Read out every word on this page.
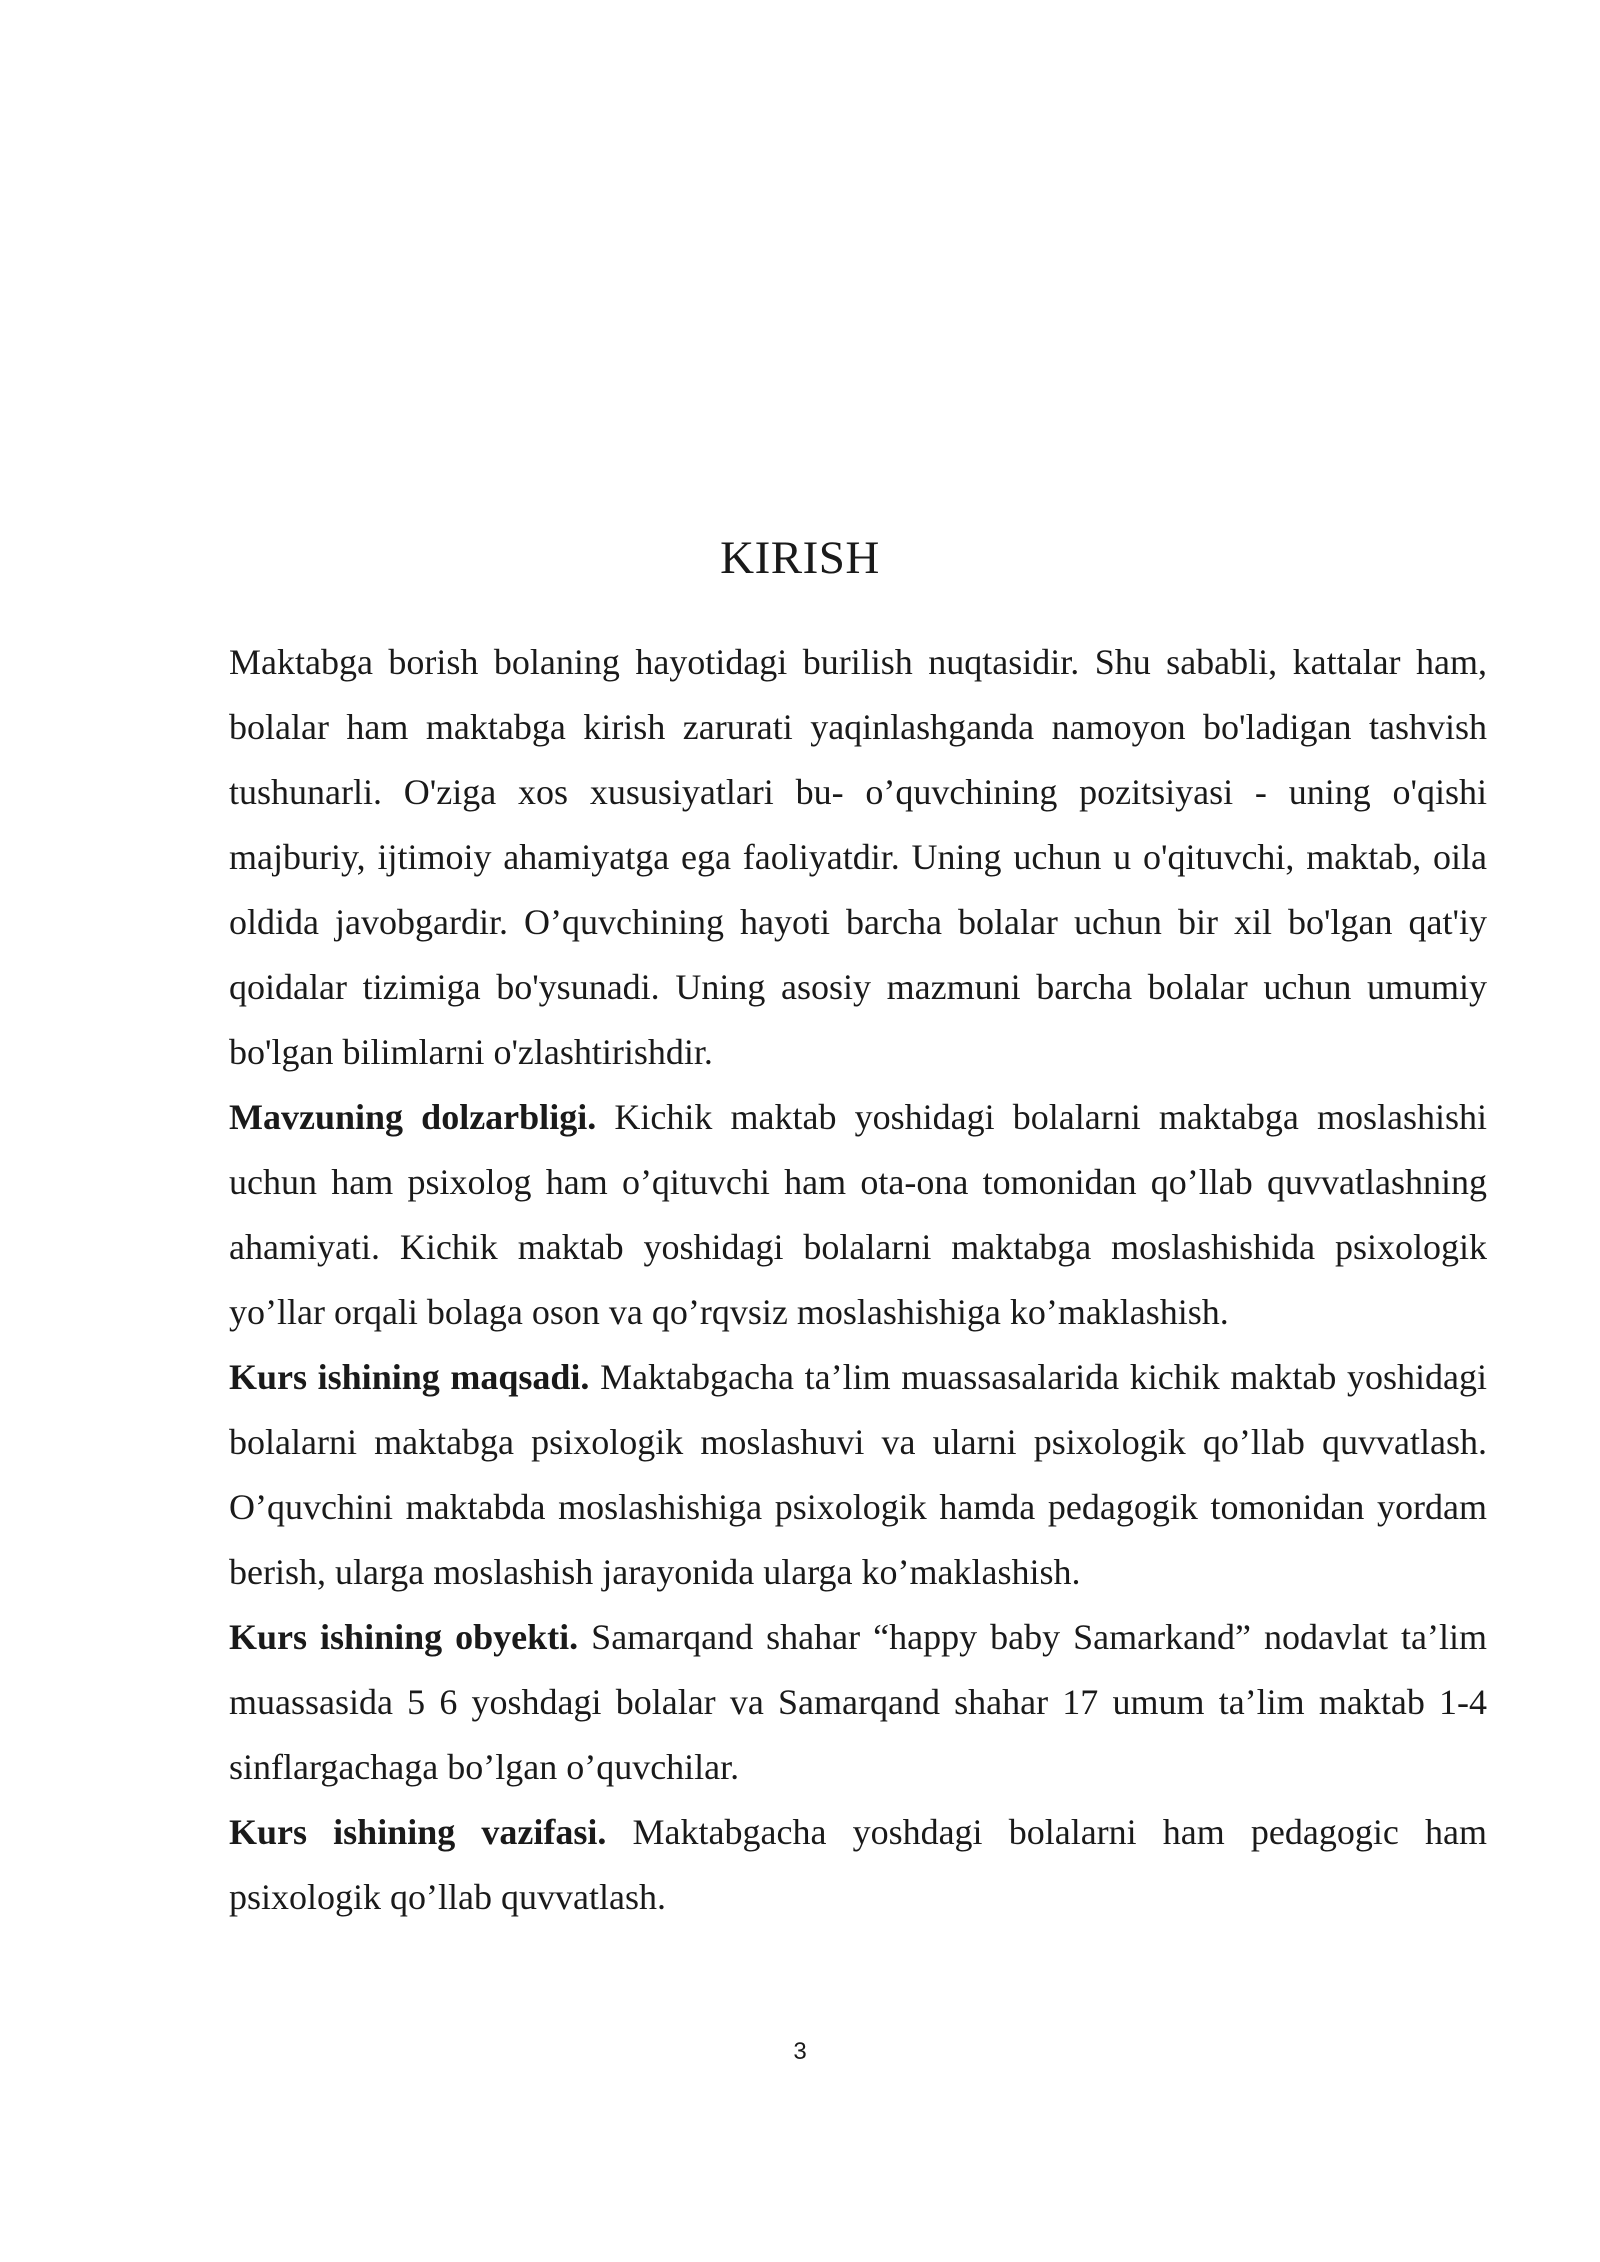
KIRISH

Maktabga borish bolaning hayotidagi burilish nuqtasidir. Shu sababli, kattalar ham, bolalar ham maktabga kirish zarurati yaqinlashganda namoyon bo'ladigan tashvish tushunarli. O'ziga xos xususiyatlari bu- o’quvchining pozitsiyasi - uning o'qishi majburiy, ijtimoiy ahamiyatga ega faoliyatdir. Uning uchun u o'qituvchi, maktab, oila oldida javobgardir. O’quvchining hayoti barcha bolalar uchun bir xil bo'lgan qat'iy qoidalar tizimiga bo'ysunadi. Uning asosiy mazmuni barcha bolalar uchun umumiy bo'lgan bilimlarni o'zlashtirishdir.

Mavzuning dolzarbligi. Kichik maktab yoshidagi bolalarni maktabga moslashishi uchun ham psixolog ham o’qituvchi ham ota-ona tomonidan qo’llab quvvatlashning ahamiyati. Kichik maktab yoshidagi bolalarni maktabga moslashishida psixologik yo’llar orqali bolaga oson va qo’rqvsiz moslashishiga ko’maklashish.

Kurs ishining maqsadi. Maktabgacha ta’lim muassasalarida kichik maktab yoshidagi bolalarni maktabga psixologik moslashuvi va ularni psixologik qo’llab quvvatlash. O’quvchini maktabda moslashishiga psixologik hamda pedagogik tomonidan yordam berish, ularga moslashish jarayonida ularga ko’maklashish.

Kurs ishining obyekti. Samarqand shahar “happy baby Samarkand” nodavlat ta’lim muassasida 5 6 yoshdagi bolalar va Samarqand shahar 17 umum ta’lim maktab 1-4 sinflargachaga bo’lgan o’quvchilar.

Kurs ishining vazifasi. Maktabgacha yoshdagi bolalarni ham pedagogic ham psixologik qo’llab quvvatlash.

3
